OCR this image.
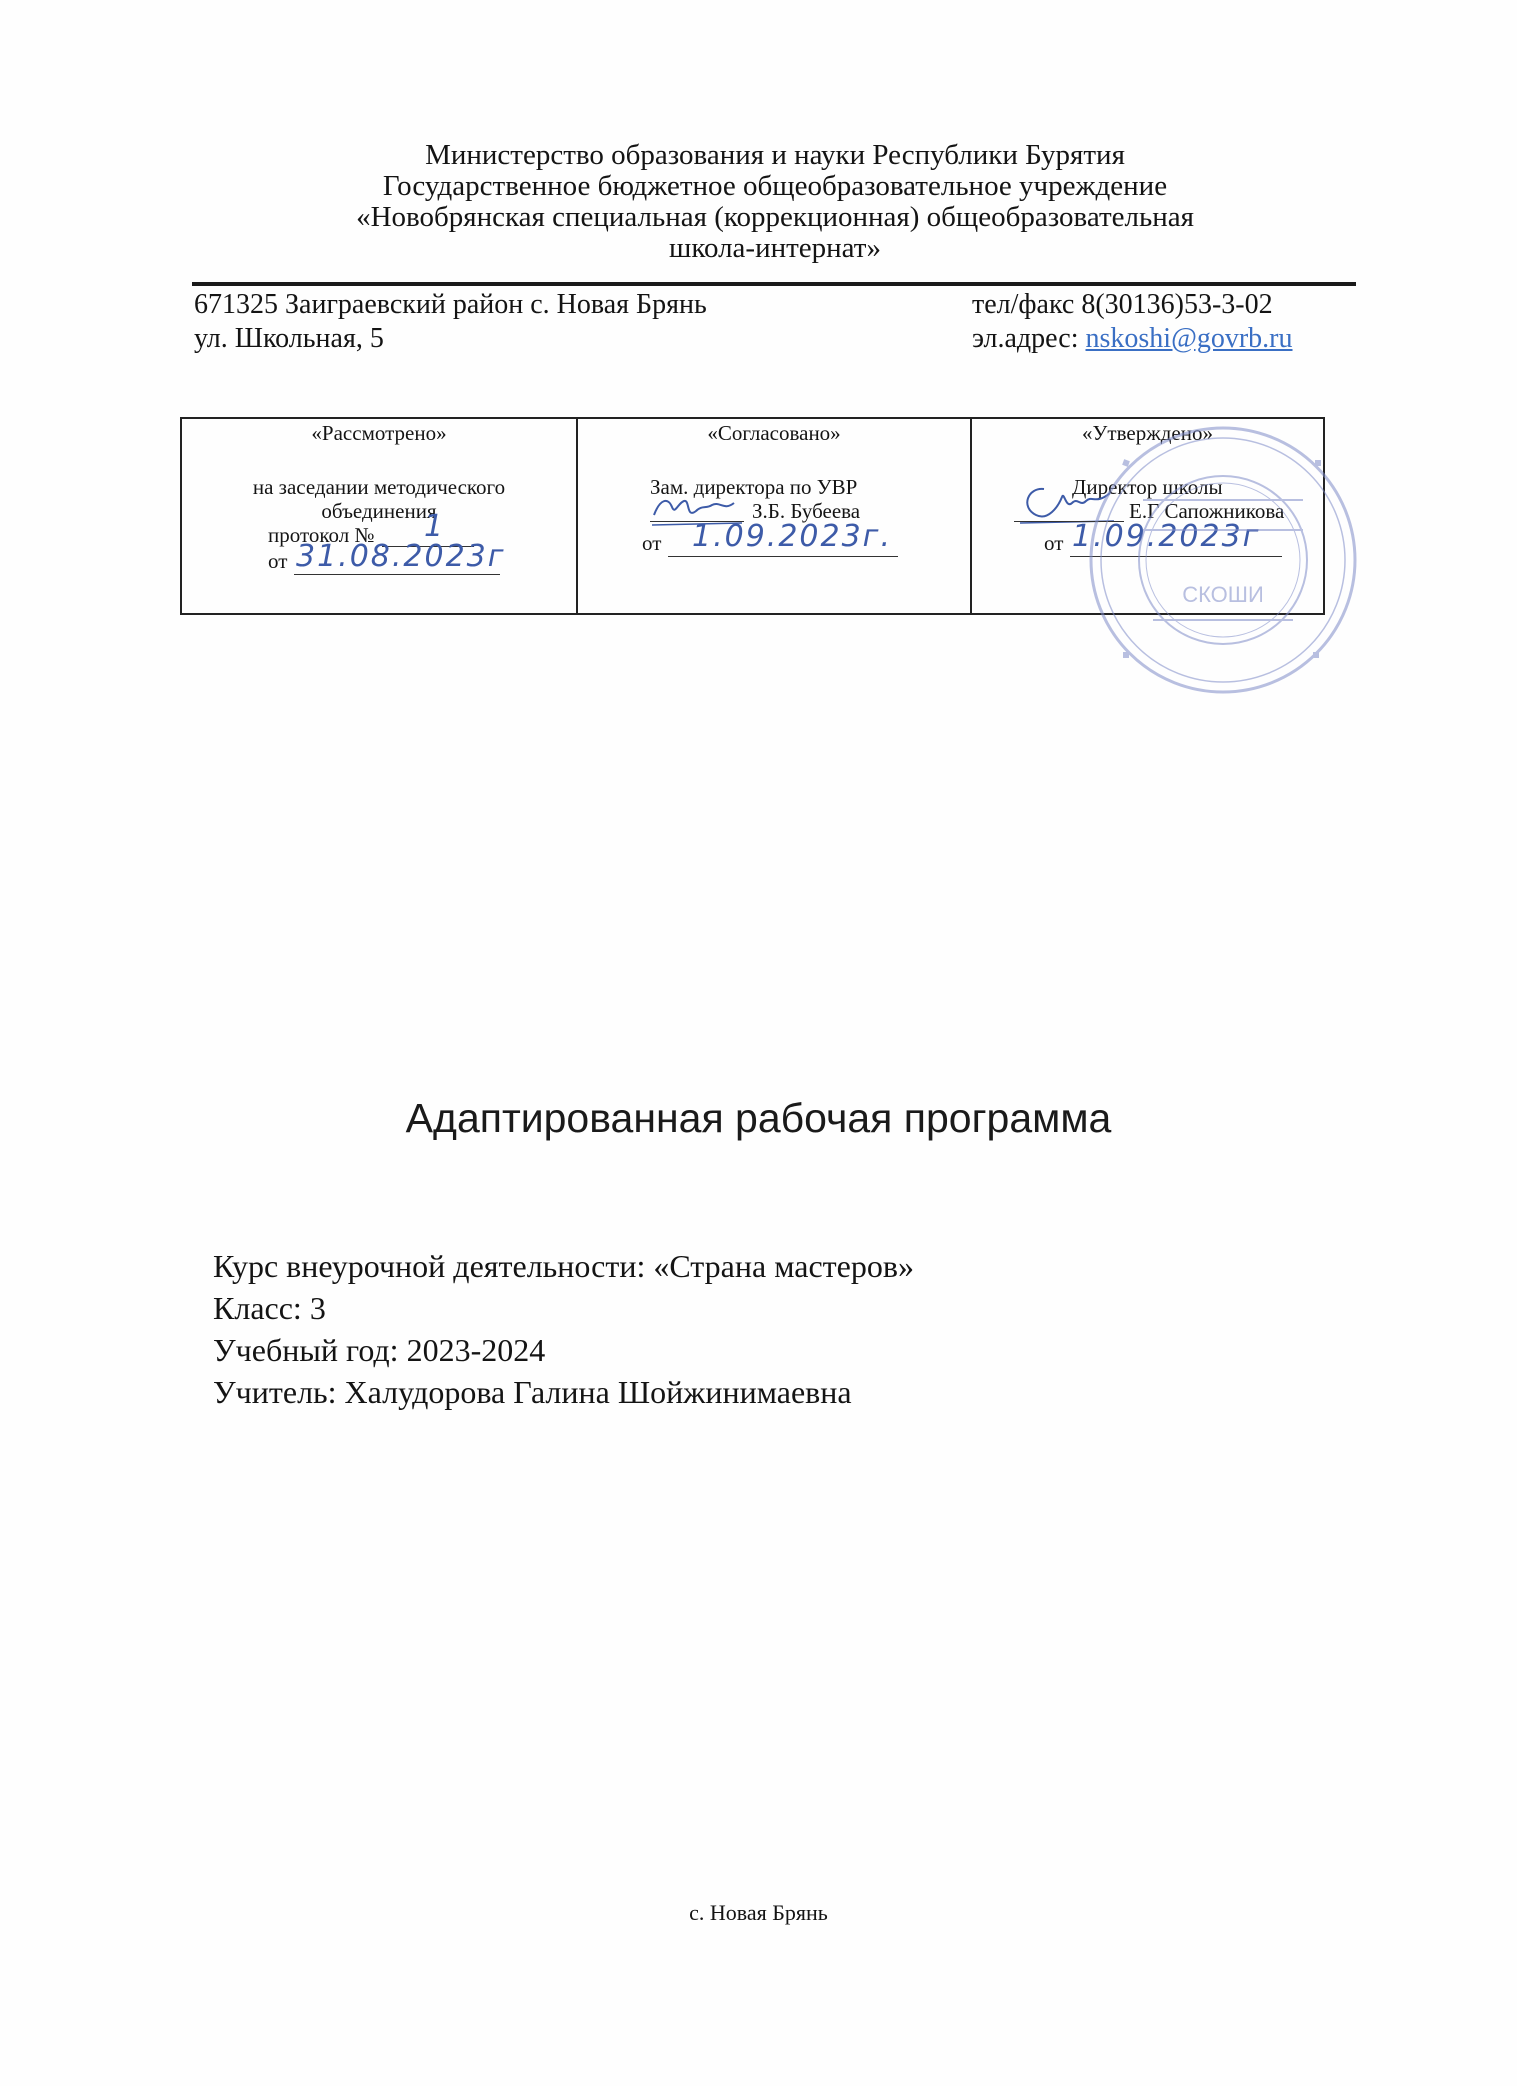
Министерство образования и науки Республики Бурятия
Государственное бюджетное общеобразовательное учреждение
«Новобрянская специальная (коррекционная) общеобразовательная
школа-интернат»
671325 Заиграевский район с. Новая Брянь
ул. Школьная, 5
тел/факс 8(30136)53-3-02
эл.адрес: nskoshi@govrb.ru
«Рассмотрено»
на заседании методического
объединения
протокол № 1
от 31.08.2023г
«Согласовано»
Зам. директора по УВР
З.Б. Бубеева
от 1.09.2023г.
«Утверждено»
Директор школы
Е.Г Сапожникова
от 1.09.2023г
СКОШИ
Адаптированная рабочая программа
Курс внеурочной деятельности: «Страна мастеров»
Класс: 3
Учебный год: 2023-2024
Учитель: Халудорова Галина Шойжинимаевна
с. Новая Брянь
